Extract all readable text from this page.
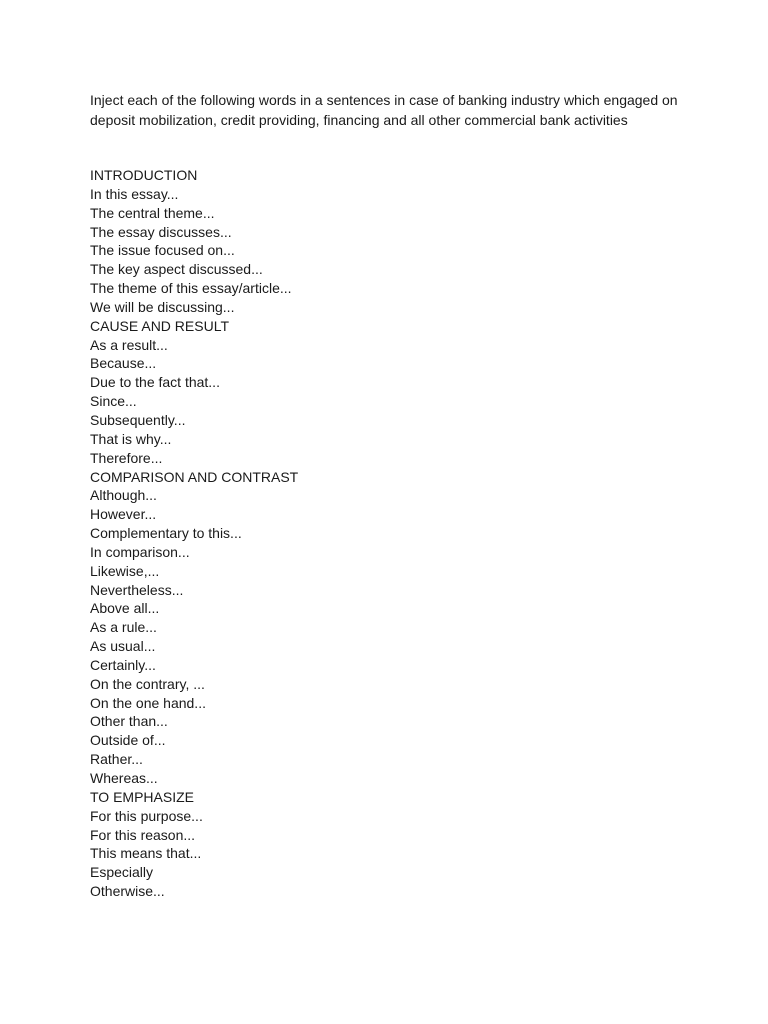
Inject each of the following words in a sentences in case of banking industry which engaged on deposit mobilization, credit providing, financing and all other commercial bank activities

INTRODUCTION
In this essay...
The central theme...
The essay discusses...
The issue focused on...
The key aspect discussed...
The theme of this essay/article...
We will be discussing...
CAUSE AND RESULT
As a result...
Because...
Due to the fact that...
Since...
Subsequently...
That is why...
Therefore...
COMPARISON AND CONTRAST
Although...
However...
Complementary to this...
In comparison...
Likewise,...
Nevertheless...
Above all...
As a rule...
As usual...
Certainly...
On the contrary, ...
On the one hand...
Other than...
Outside of...
Rather...
Whereas...
TO EMPHASIZE
For this purpose...
For this reason...
This means that...
Especially
Otherwise...
